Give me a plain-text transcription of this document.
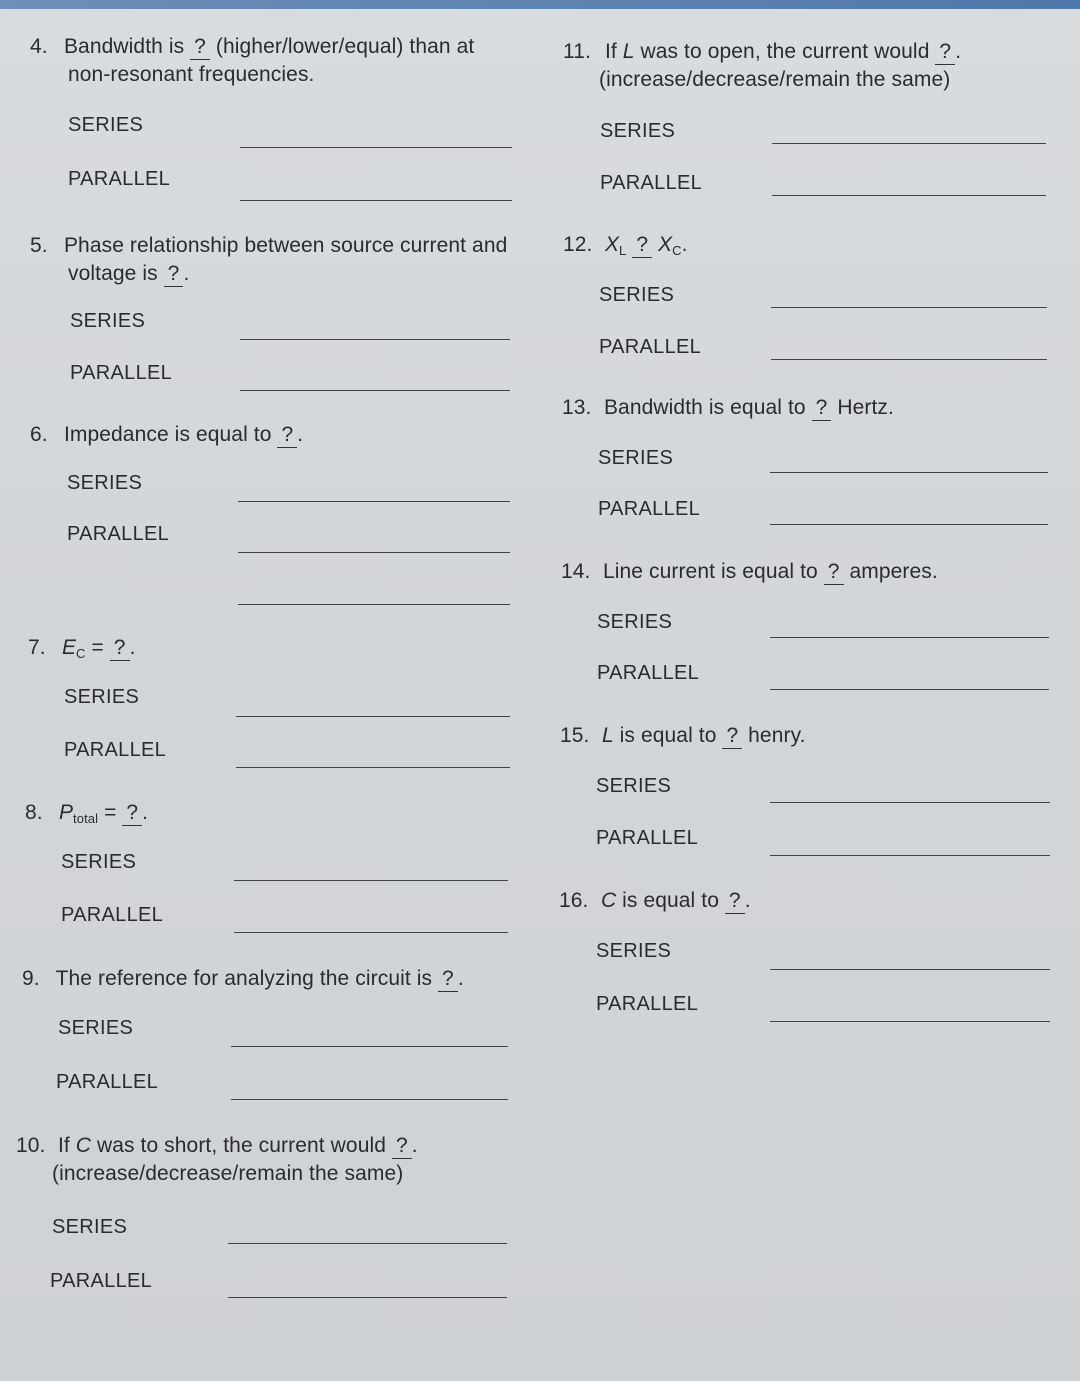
4. Bandwidth is ? (higher/lower/equal) than at
non-resonant frequencies.
SERIES
PARALLEL
5. Phase relationship between source current and
voltage is ? .
SERIES
PARALLEL
6. Impedance is equal to ? .
SERIES
PARALLEL
7. $E_C$ = ? .
SERIES
PARALLEL
8. $P_{total}$ = ? .
SERIES
PARALLEL
9. The reference for analyzing the circuit is ? .
SERIES
PARALLEL
10. If C was to short, the current would ? .
(increase/decrease/remain the same)
SERIES
PARALLEL
11. If L was to open, the current would ? .
(increase/decrease/remain the same)
SERIES
PARALLEL
12. $X_L$ ? $X_C$.
SERIES
PARALLEL
13. Bandwidth is equal to ? Hertz.
SERIES
PARALLEL
14. Line current is equal to ? amperes.
SERIES
PARALLEL
15. L is equal to ? henry.
SERIES
PARALLEL
16. C is equal to ? .
SERIES
PARALLEL
